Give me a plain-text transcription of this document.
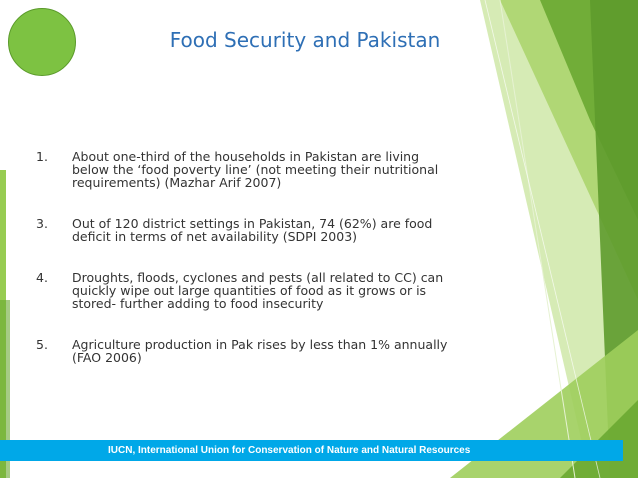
Food Security and Pakistan
1.	About one-third of the households in Pakistan are living
below the ‘food poverty line’ (not meeting their nutritional
requirements) (Mazhar Arif 2007)
3.	Out of 120 district settings in Pakistan, 74 (62%) are food
deficit in terms of net availability (SDPI 2003)
4.	Droughts, floods, cyclones and pests (all related to CC) can
quickly wipe out large quantities of food as it grows or is
stored- further adding to food insecurity
5.	Agriculture production in Pak rises by less than 1% annually
(FAO 2006)
IUCN, International Union for Conservation of Nature and Natural Resources
